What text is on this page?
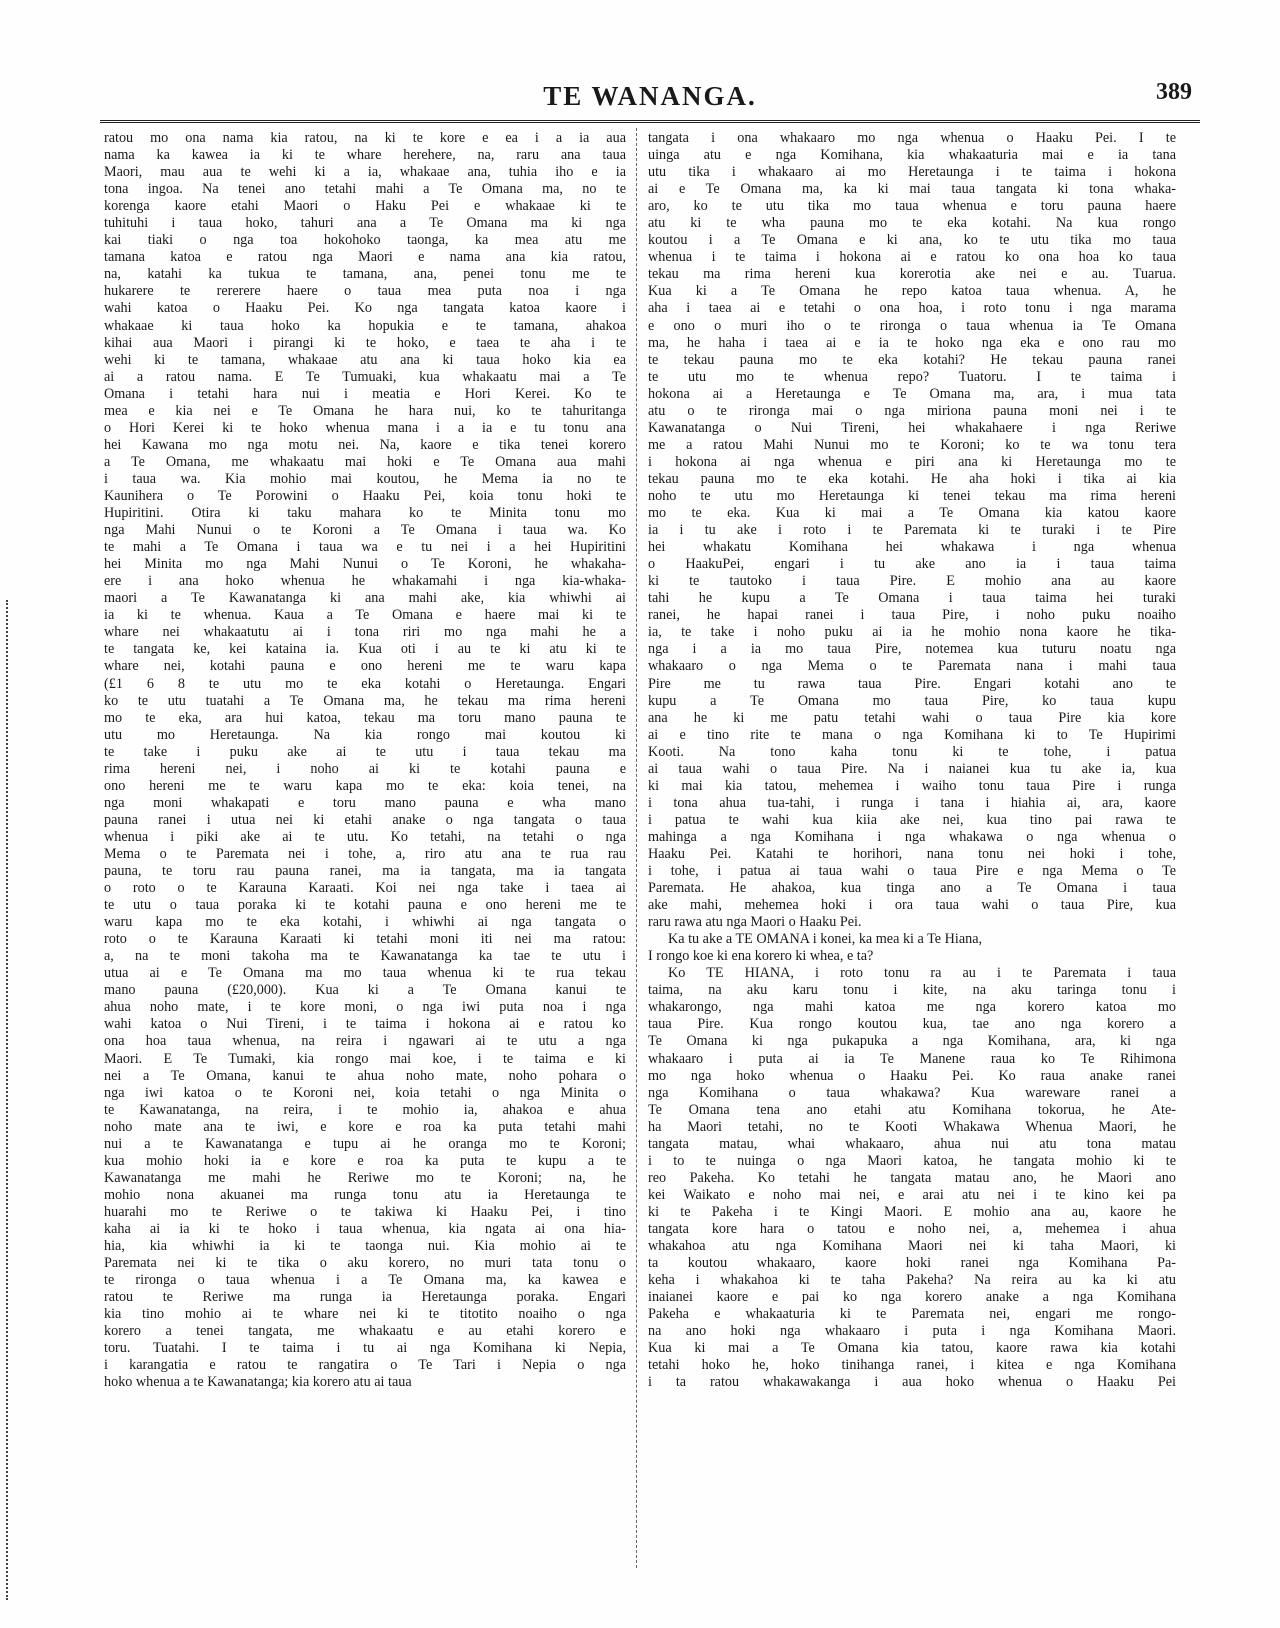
TE WANANGA.	389
ratou mo ona nama kia ratou, na ki te kore e ea i a ia aua
nama ka kawea ia ki te whare herehere, na, raru ana taua
Maori, mau aua te wehi ki a ia, whakaae ana, tuhia iho e ia
tona ingoa. Na tenei ano tetahi mahi a Te Omana ma, no te
korenga kaore etahi Maori o Haku Pei e whakaae ki te
tuhituhi i taua hoko, tahuri ana a Te Omana ma ki nga
kai tiaki o nga toa hokohoko taonga, ka mea atu me
tamana katoa e ratou nga Maori e nama ana kia ratou,
na, katahi ka tukua te tamana, ana, penei tonu me te
hukarere te rererere haere o taua mea puta noa i nga
wahi katoa o Haaku Pei. Ko nga tangata katoa kaore i
whakaae ki taua hoko ka hopukia e te tamana, ahakoa
kihai aua Maori i pirangi ki te hoko, e taea te aha i te
wehi ki te tamana, whakaae atu ana ki taua hoko kia ea
ai a ratou nama. E Te Tumuaki, kua whakaatu mai a Te
Omana i tetahi hara nui i meatia e Hori Kerei. Ko te
mea e kia nei e Te Omana he hara nui, ko te tahuritanga
o Hori Kerei ki te hoko whenua mana i a ia e tu tonu ana
hei Kawana mo nga motu nei. Na, kaore e tika tenei korero
a Te Omana, me whakaatu mai hoki e Te Omana aua mahi
i taua wa. Kia mohio mai koutou, he Mema ia no te
Kaunihera o Te Porowini o Haaku Pei, koia tonu hoki te
Hupiritini. Otira ki taku mahara ko te Minita tonu mo
nga Mahi Nunui o te Koroni a Te Omana i taua wa. Ko
te mahi a Te Omana i taua wa e tu nei i a hei Hupiritini
hei Minita mo nga Mahi Nunui o Te Koroni, he whakaha-
ere i ana hoko whenua he whakamahi i nga kia-whaka-
maori a Te Kawanatanga ki ana mahi ake, kia whiwhi ai
ia ki te whenua. Kaua a Te Omana e haere mai ki te
whare nei whakaatutu ai i tona riri mo nga mahi he a
te tangata ke, kei kataina ia. Kua oti i au te ki atu ki te
whare nei, kotahi pauna e ono hereni me te waru kapa
(£1 6 8 te utu mo te eka kotahi o Heretaunga. Engari
ko te utu tuatahi a Te Omana ma, he tekau ma rima hereni
mo te eka, ara hui katoa, tekau ma toru mano pauna te
utu mo Heretaunga. Na kia rongo mai koutou ki
te take i puku ake ai te utu i taua tekau ma
rima hereni nei, i noho ai ki te kotahi pauna e
ono hereni me te waru kapa mo te eka: koia tenei, na
nga moni whakapati e toru mano pauna e wha mano
pauna ranei i utua nei ki etahi anake o nga tangata o taua
whenua i piki ake ai te utu. Ko tetahi, na tetahi o nga
Mema o te Paremata nei i tohe, a, riro atu ana te rua rau
pauna, te toru rau pauna ranei, ma ia tangata, ma ia tangata
o roto o te Karauna Karaati. Koi nei nga take i taea ai
te utu o taua poraka ki te kotahi pauna e ono hereni me te
waru kapa mo te eka kotahi, i whiwhi ai nga tangata o
roto o te Karauna Karaati ki tetahi moni iti nei ma ratou:
a, na te moni takoha ma te Kawanatanga ka tae te utu i
utua ai e Te Omana ma mo taua whenua ki te rua tekau
mano pauna (£20,000). Kua ki a Te Omana kanui te
ahua noho mate, i te kore moni, o nga iwi puta noa i nga
wahi katoa o Nui Tireni, i te taima i hokona ai e ratou ko
ona hoa taua whenua, na reira i ngawari ai te utu a nga
Maori. E Te Tumaki, kia rongo mai koe, i te taima e ki
nei a Te Omana, kanui te ahua noho mate, noho pohara o
nga iwi katoa o te Koroni nei, koia tetahi o nga Minita o
te Kawanatanga, na reira, i te mohio ia, ahakoa e ahua
noho mate ana te iwi, e kore e roa ka puta tetahi mahi
nui a te Kawanatanga e tupu ai he oranga mo te Koroni;
kua mohio hoki ia e kore e roa ka puta te kupu a te
Kawanatanga me mahi he Reriwe mo te Koroni; na, he
mohio nona akuanei ma runga tonu atu ia Heretaunga te
huarahi mo te Reriwe o te takiwa ki Haaku Pei, i tino
kaha ai ia ki te hoko i taua whenua, kia ngata ai ona hia-
hia, kia whiwhi ia ki te taonga nui. Kia mohio ai te
Paremata nei ki te tika o aku korero, no muri tata tonu o
te rironga o taua whenua i a Te Omana ma, ka kawea e
ratou te Reriwe ma runga ia Heretaunga poraka. Engari
kia tino mohio ai te whare nei ki te titotito noaiho o nga
korero a tenei tangata, me whakaatu e au etahi korero e
toru. Tuatahi. I te taima i tu ai nga Komihana ki Nepia,
i karangatia e ratou te rangatira o Te Tari i Nepia o nga
hoko whenua a te Kawanatanga; kia korero atu ai taua
tangata i ona whakaaro mo nga whenua o Haaku Pei. I te
uinga atu e nga Komihana, kia whakaaturia mai e ia tana
utu tika i whakaaro ai mo Heretaunga i te taima i hokona
ai e Te Omana ma, ka ki mai taua tangata ki tona whaka-
aro, ko te utu tika mo taua whenua e toru pauna haere
atu ki te wha pauna mo te eka kotahi. Na kua rongo
koutou i a Te Omana e ki ana, ko te utu tika mo taua
whenua i te taima i hokona ai e ratou ko ona hoa ko taua
tekau ma rima hereni kua korerotia ake nei e au. Tuarua.
Kua ki a Te Omana he repo katoa taua whenua. A, he
aha i taea ai e tetahi o ona hoa, i roto tonu i nga marama
e ono o muri iho o te rironga o taua whenua ia Te Omana
ma, he haha i taea ai e ia te hoko nga eka e ono rau mo
te tekau pauna mo te eka kotahi? He tekau pauna ranei
te utu mo te whenua repo? Tuatoru. I te taima i
hokona ai a Heretaunga e Te Omana ma, ara, i mua tata
atu o te rironga mai o nga miriona pauna moni nei i te
Kawanatanga o Nui Tireni, hei whakahaere i nga Reriwe
me a ratou Mahi Nunui mo te Koroni; ko te wa tonu tera
i hokona ai nga whenua e piri ana ki Heretaunga mo te
tekau pauna mo te eka kotahi. He aha hoki i tika ai kia
noho te utu mo Heretaunga ki tenei tekau ma rima hereni
mo te eka. Kua ki mai a Te Omana kia katou kaore
ia i tu ake i roto i te Paremata ki te turaki i te Pire
hei whakatu Komihana hei whakawa i nga whenua
o HaakuPei, engari i tu ake ano ia i taua taima
ki te tautoko i taua Pire. E mohio ana au kaore
tahi he kupu a Te Omana i taua taima hei turaki
ranei, he hapai ranei i taua Pire, i noho puku noaiho
ia, te take i noho puku ai ia he mohio nona kaore he tika-
nga i a ia mo taua Pire, notemea kua tuturu noatu nga
whakaaro o nga Mema o te Paremata nana i mahi taua
Pire me tu rawa taua Pire. Engari kotahi ano te
kupu a Te Omana mo taua Pire, ko taua kupu
ana he ki me patu tetahi wahi o taua Pire kia kore
ai e tino rite te mana o nga Komihana ki to Te Hupirimi
Kooti. Na tono kaha tonu ki te tohe, i patua
ai taua wahi o taua Pire. Na i naianei kua tu ake ia, kua
ki mai kia tatou, mehemea i waiho tonu taua Pire i runga
i tona ahua tua-tahi, i runga i tana i hiahia ai, ara, kaore
i patua te wahi kua kiia ake nei, kua tino pai rawa te
mahinga a nga Komihana i nga whakawa o nga whenua o
Haaku Pei. Katahi te horihori, nana tonu nei hoki i tohe,
i tohe, i patua ai taua wahi o taua Pire e nga Mema o Te
Paremata. He ahakoa, kua tinga ano a Te Omana i taua
ake mahi, mehemea hoki i ora taua wahi o taua Pire, kua
raru rawa atu nga Maori o Haaku Pei.
Ka tu ake a TE OMANA i konei, ka mea ki a Te Hiana,
I rongo koe ki ena korero ki whea, e ta?
Ko TE HIANA, i roto tonu ra au i te Paremata i taua
taima, na aku karu tonu i kite, na aku taringa tonu i
whakarongo, nga mahi katoa me nga korero katoa mo
taua Pire. Kua rongo koutou kua, tae ano nga korero a
Te Omana ki nga pukapuka a nga Komihana, ara, ki nga
whakaaro i puta ai ia Te Manene raua ko Te Rihimona
mo nga hoko whenua o Haaku Pei. Ko raua anake ranei
nga Komihana o taua whakawa? Kua wareware ranei a
Te Omana tena ano etahi atu Komihana tokorua, he Ate-
ha Maori tetahi, no te Kooti Whakawa Whenua Maori, he
tangata matau, whai whakaaro, ahua nui atu tona matau
i to te nuinga o nga Maori katoa, he tangata mohio ki te
reo Pakeha. Ko tetahi he tangata matau ano, he Maori ano
kei Waikato e noho mai nei, e arai atu nei i te kino kei pa
ki te Pakeha i te Kingi Maori. E mohio ana au, kaore he
tangata kore hara o tatou e noho nei, a, mehemea i ahua
whakahoa atu nga Komihana Maori nei ki taha Maori, ki
ta koutou whakaaro, kaore hoki ranei nga Komihana Pa-
keha i whakahoa ki te taha Pakeha? Na reira au ka ki atu
inaianei kaore e pai ko nga korero anake a nga Komihana
Pakeha e whakaaturia ki te Paremata nei, engari me rongo-
na ano hoki nga whakaaro i puta i nga Komihana Maori.
Kua ki mai a Te Omana kia tatou, kaore rawa kia kotahi
tetahi hoko he, hoko tinihanga ranei, i kitea e nga Komihana
i ta ratou whakawakanga i aua hoko whenua o Haaku Pei
